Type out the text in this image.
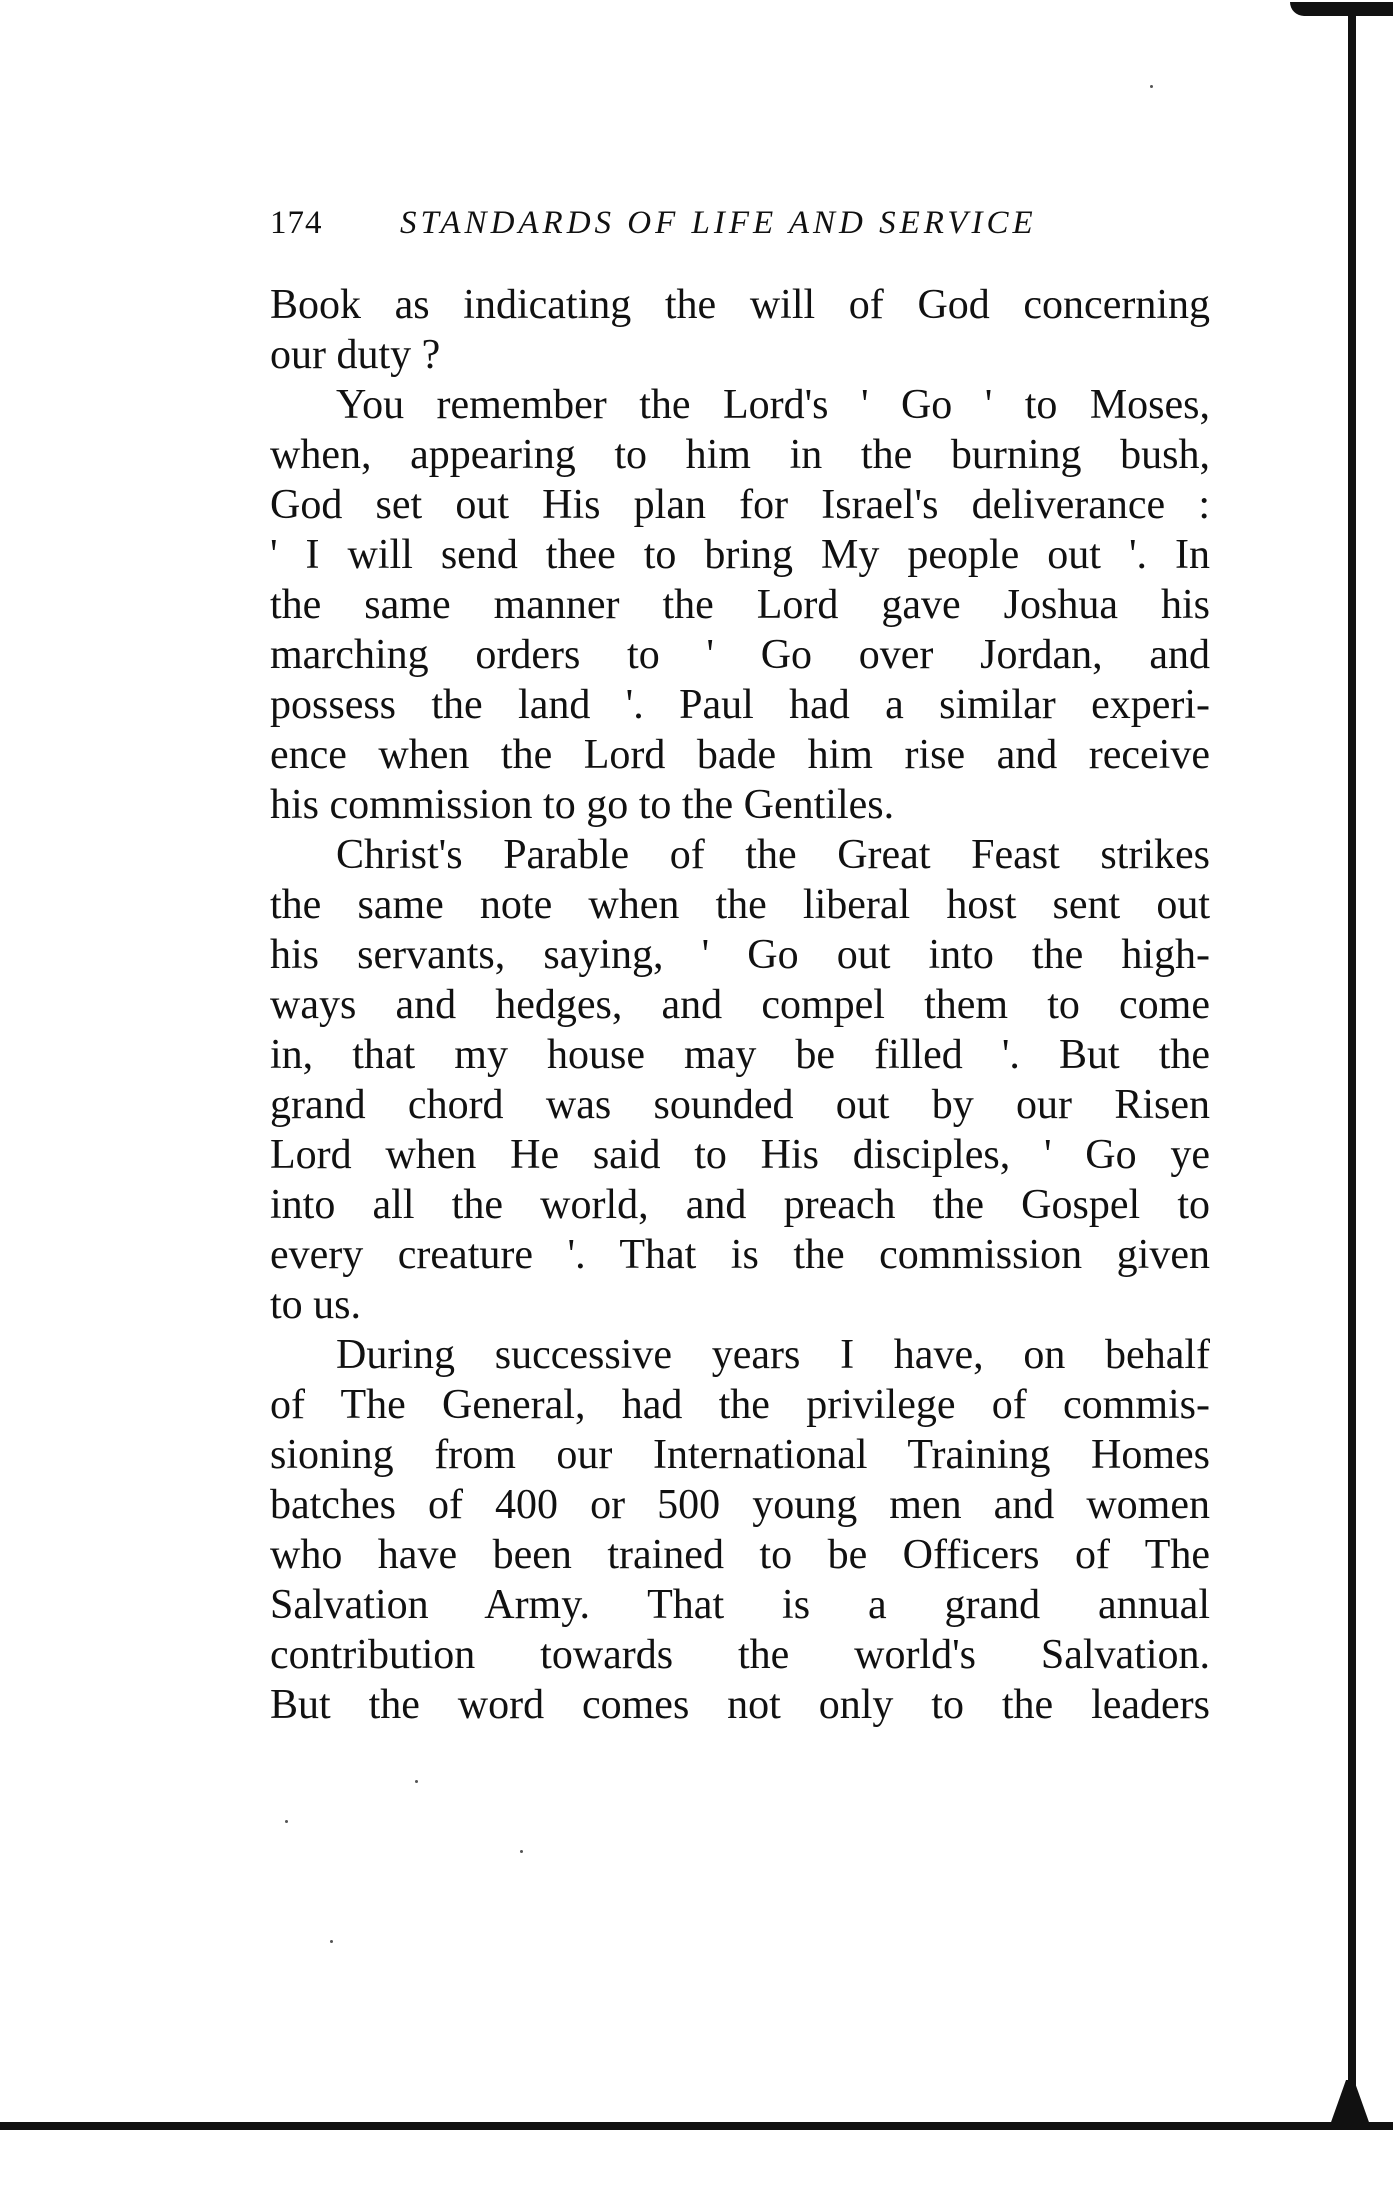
174	STANDARDS OF LIFE AND SERVICE
Book as indicating the will of God concerning
our duty ?
You remember the Lord's ' Go ' to Moses,
when, appearing to him in the burning bush,
God set out His plan for Israel's deliverance :
' I will send thee to bring My people out '. In
the same manner the Lord gave Joshua his
marching orders to ' Go over Jordan, and
possess the land '. Paul had a similar experi-
ence when the Lord bade him rise and receive
his commission to go to the Gentiles.
Christ's Parable of the Great Feast strikes
the same note when the liberal host sent out
his servants, saying, ' Go out into the high-
ways and hedges, and compel them to come
in, that my house may be filled '. But the
grand chord was sounded out by our Risen
Lord when He said to His disciples, ' Go ye
into all the world, and preach the Gospel to
every creature '. That is the commission given
to us.
During successive years I have, on behalf
of The General, had the privilege of commis-
sioning from our International Training Homes
batches of 400 or 500 young men and women
who have been trained to be Officers of The
Salvation Army. That is a grand annual
contribution towards the world's Salvation.
But the word comes not only to the leaders
